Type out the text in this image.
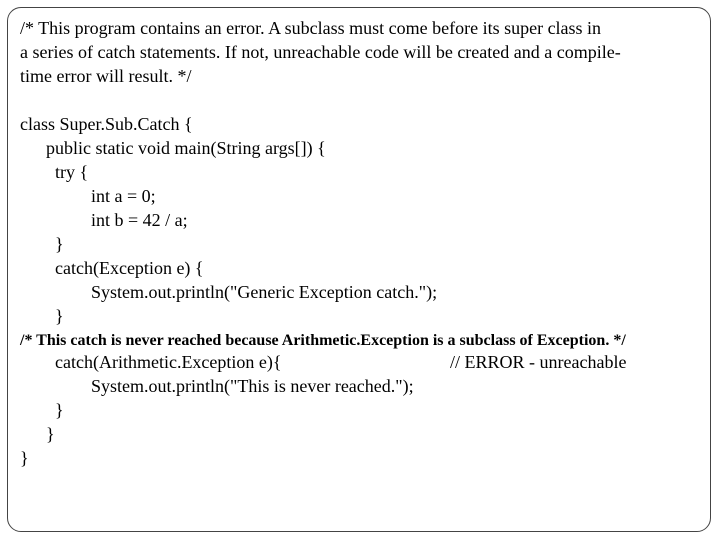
/* This program contains an error. A subclass must come before its super class in
a series of catch statements. If not, unreachable code will be created and a compile-
time error will result. */
class Super.Sub.Catch {
public static void main(String args[]) {
try {
int a = 0;
int b = 42 / a;
}
catch(Exception e) {
System.out.println("Generic Exception catch.");
}
/* This catch is never reached because Arithmetic.Exception is a subclass of Exception. */
catch(Arithmetic.Exception e){	// ERROR - unreachable
System.out.println("This is never reached.");
}
}
}
